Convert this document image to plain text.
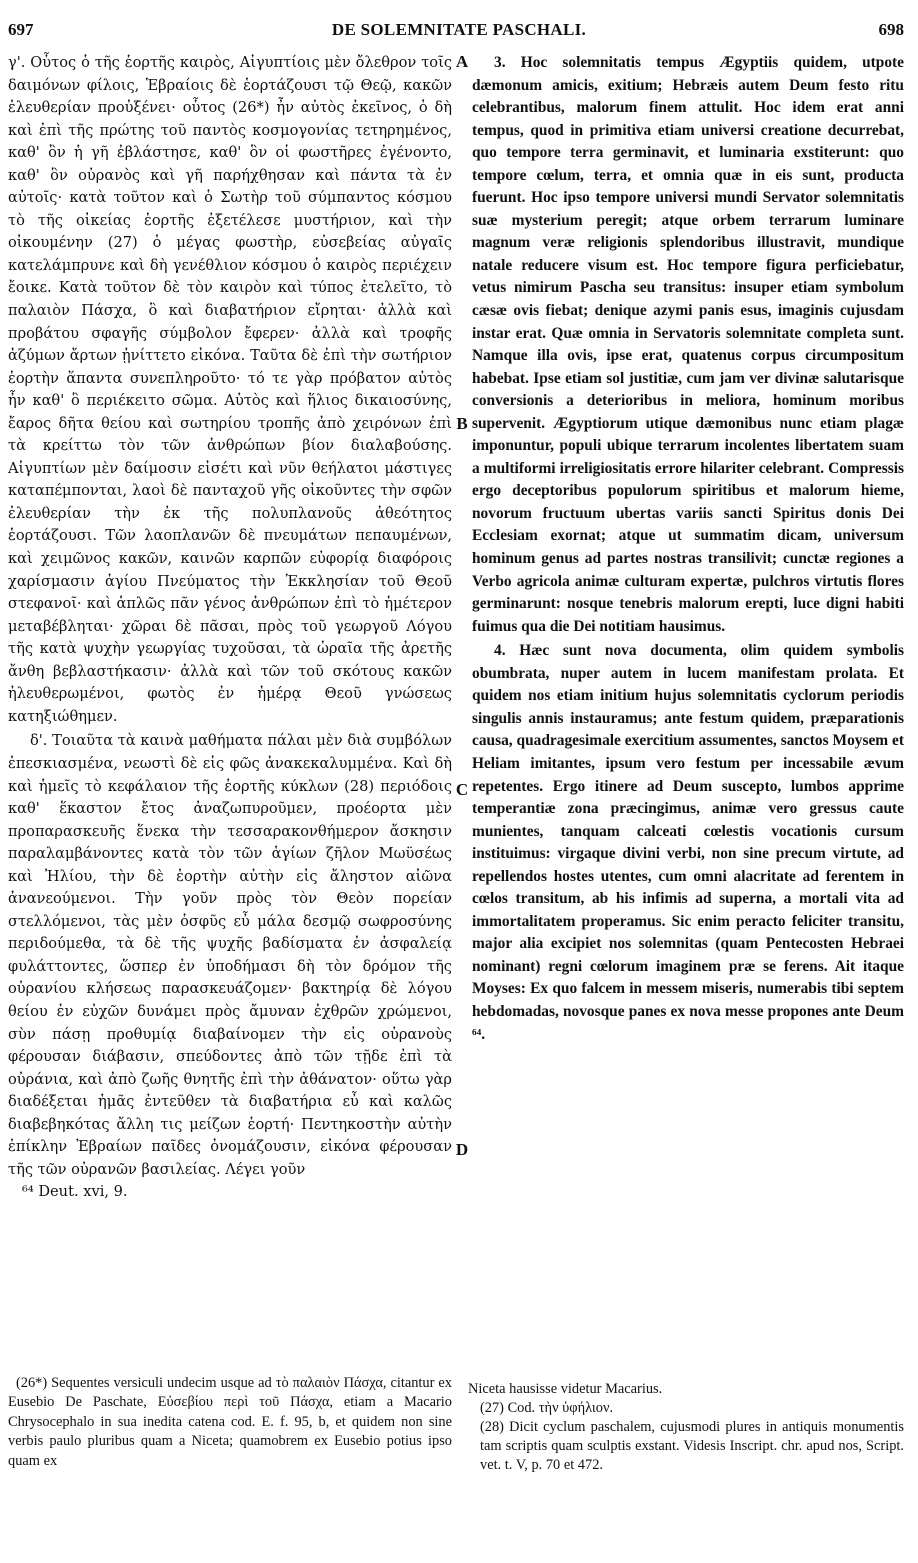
697	DE SOLEMNITATE PASCHALI.	698

γ'. Οὗτος ὁ τῆς ἑορτῆς καιρὸς, Αἰγυπτίοις μὲν ὄλεθρον τοῖς δαιμόνων φίλοις, Ἑβραίοις δὲ ἑορτάζουσι τῷ Θεῷ, κακῶν ἐλευθερίαν προὐξένει· οὗτος (26*) ἦν αὐτὸς ἐκεῖνος, ὁ δὴ καὶ ἐπὶ τῆς πρώτης τοῦ παντὸς κοσμογονίας τετηρημένος, καθ' ὃν ἡ γῆ ἐβλάστησε, καθ' ὃν οἱ φωστῆρες ἐγένοντο, καθ' ὃν οὐρανὸς καὶ γῆ παρήχθησαν καὶ πάντα τὰ ἐν αὐτοῖς· κατὰ τοῦτον καὶ ὁ Σωτὴρ τοῦ σύμπαντος κόσμου τὸ τῆς οἰκείας ἑορτῆς ἐξετέλεσε μυστήριον, καὶ τὴν οἰκουμένην (27) ὁ μέγας φωστὴρ, εὐσεβείας αὐγαῖς κατελάμπρυνε καὶ δὴ γενέθλιον κόσμου ὁ καιρὸς περιέχειν ἔοικε. Κατὰ τοῦτον δὲ τὸν καιρὸν καὶ τύπος ἐτελεῖτο, τὸ παλαιὸν Πάσχα, ὃ καὶ διαβατήριον εἴρηται· ἀλλὰ καὶ προβάτου σφαγῆς σύμβολον ἔφερεν· ἀλλὰ καὶ τροφῆς ἀζύμων ἄρτων ᾐνίττετο εἰκόνα. Ταῦτα δὲ ἐπὶ τὴν σωτήριον ἑορτὴν ἅπαντα συνεπληροῦτο· τό τε γὰρ πρόβατον αὐτὸς ἦν καθ' ὃ περιέκειτο σῶμα. Αὐτὸς καὶ ἥλιος δικαιοσύνης, ἔαρος δῆτα θείου καὶ σωτηρίου τροπῆς ἀπὸ χειρόνων ἐπὶ τὰ κρείττω τὸν τῶν ἀνθρώπων βίον διαλαβούσης. Αἰγυπτίων μὲν δαίμοσιν εἰσέτι καὶ νῦν θεήλατοι μάστιγες καταπέμπονται, λαοὶ δὲ πανταχοῦ γῆς οἰκοῦντες τὴν σφῶν ἐλευθερίαν τὴν ἐκ τῆς πολυπλανοῦς ἀθεότητος ἑορτάζουσι. Τῶν λαοπλανῶν δὲ πνευμάτων πεπαυμένων, καὶ χειμῶνος κακῶν, καινῶν καρπῶν εὐφορίᾳ διαφόροις χαρίσμασιν ἁγίου Πνεύματος τὴν Ἐκκλησίαν τοῦ Θεοῦ στεφανοῖ· καὶ ἁπλῶς πᾶν γένος ἀνθρώπων ἐπὶ τὸ ἡμέτερον μεταβέβληται· χῶραι δὲ πᾶσαι, πρὸς τοῦ γεωργοῦ Λόγου τῆς κατὰ ψυχὴν γεωργίας τυχοῦσαι, τὰ ὡραῖα τῆς ἀρετῆς ἄνθη βεβλαστήκασιν· ἀλλὰ καὶ τῶν τοῦ σκότους κακῶν ἠλευθερωμένοι, φωτὸς ἐν ἡμέρᾳ Θεοῦ γνώσεως κατηξιώθημεν.

δ'. Τοιαῦτα τὰ καινὰ μαθήματα πάλαι μὲν διὰ συμβόλων ἐπεσκιασμένα, νεωστὶ δὲ εἰς φῶς ἀνακεκαλυμμένα. Καὶ δὴ καὶ ἡμεῖς τὸ κεφάλαιον τῆς ἑορτῆς κύκλων (28) περιόδοις καθ' ἕκαστον ἔτος ἀναζωπυροῦμεν, προέορτα μὲν προπαρασκευῆς ἕνεκα τὴν τεσσαρακονθήμερον ἄσκησιν παραλαμβάνοντες κατὰ τὸν τῶν ἁγίων ζῆλον Μωϋσέως καὶ Ἠλίου, τὴν δὲ ἑορτὴν αὐτὴν εἰς ἄληστον αἰῶνα ἀνανεούμενοι. Τὴν γοῦν πρὸς τὸν Θεὸν πορείαν στελλόμενοι, τὰς μὲν ὀσφῦς εὖ μάλα δεσμῷ σωφροσύνης περιδούμεθα, τὰ δὲ τῆς ψυχῆς βαδίσματα ἐν ἀσφαλείᾳ φυλάττοντες, ὥσπερ ἐν ὑποδήμασι δὴ τὸν δρόμον τῆς οὐρανίου κλήσεως παρασκευάζομεν· βακτηρίᾳ δὲ λόγου θείου ἐν εὐχῶν δυνάμει πρὸς ἄμυναν ἐχθρῶν χρώμενοι, σὺν πάσῃ προθυμίᾳ διαβαίνομεν τὴν εἰς οὐρανοὺς φέρουσαν διάβασιν, σπεύδοντες ἀπὸ τῶν τῇδε ἐπὶ τὰ οὐράνια, καὶ ἀπὸ ζωῆς θνητῆς ἐπὶ τὴν ἀθάνατον· οὕτω γὰρ διαδέξεται ἡμᾶς ἐντεῦθεν τὰ διαβατήρια εὖ καὶ καλῶς διαβεβηκότας ἄλλη τις μείζων ἑορτή· Πεντηκοστὴν αὐτὴν ἐπίκλην Ἑβραίων παῖδες ὀνομάζουσιν, εἰκόνα φέρουσαν τῆς τῶν οὐρανῶν βασιλείας. Λέγει γοῦν

⁶⁴ Deut. xvi, 9.

A
B
C
D

3. Hoc solemnitatis tempus Ægyptiis quidem, utpote dæmonum amicis, exitium; Hebræis autem Deum festo ritu celebrantibus, malorum finem attulit. Hoc idem erat anni tempus, quod in primitiva etiam universi creatione decurrebat, quo tempore terra germinavit, et luminaria exstiterunt: quo tempore cœlum, terra, et omnia quæ in eis sunt, producta fuerunt. Hoc ipso tempore universi mundi Servator solemnitatis suæ mysterium peregit; atque orbem terrarum luminare magnum veræ religionis splendoribus illustravit, mundique natale reducere visum est. Hoc tempore figura perficiebatur, vetus nimirum Pascha seu transitus: insuper etiam symbolum cæsæ ovis fiebat; denique azymi panis esus, imaginis cujusdam instar erat. Quæ omnia in Servatoris solemnitate completa sunt. Namque illa ovis, ipse erat, quatenus corpus circumpositum habebat. Ipse etiam sol justitiæ, cum jam ver divinæ salutarisque conversionis a deterioribus in meliora, hominum moribus supervenit. Ægyptiorum utique dæmonibus nunc etiam plagæ imponuntur, populi ubique terrarum incolentes libertatem suam a multiformi irreligiositatis errore hilariter celebrant. Compressis ergo deceptoribus populorum spiritibus et malorum hieme, novorum fructuum ubertas variis sancti Spiritus donis Dei Ecclesiam exornat; atque ut summatim dicam, universum hominum genus ad partes nostras transilivit; cunctæ regiones a Verbo agricola animæ culturam expertæ, pulchros virtutis flores germinarunt: nosque tenebris malorum erepti, luce digni habiti fuimus qua die Dei notitiam hausimus.

4. Hæc sunt nova documenta, olim quidem symbolis obumbrata, nuper autem in lucem manifestam prolata. Et quidem nos etiam initium hujus solemnitatis cyclorum periodis singulis annis instauramus; ante festum quidem, præparationis causa, quadragesimale exercitium assumentes, sanctos Moysem et Heliam imitantes, ipsum vero festum per incessabile ævum repetentes. Ergo itinere ad Deum suscepto, lumbos apprime temperantiæ zona præcingimus, animæ vero gressus caute munientes, tanquam calceati cœlestis vocationis cursum instituimus: virgaque divini verbi, non sine precum virtute, ad repellendos hostes utentes, cum omni alacritate ad ferentem in cœlos transitum, ab his infimis ad superna, a mortali vita ad immortalitatem properamus. Sic enim peracto feliciter transitu, major alia excipiet nos solemnitas (quam Pentecosten Hebraei nominant) regni cœlorum imaginem præ se ferens. Ait itaque Moyses: Ex quo falcem in messem miseris, numerabis tibi septem hebdomadas, novosque panes ex nova messe propones ante Deum ⁶⁴.

(26*) Sequentes versiculi undecim usque ad τὸ παλαιὸν Πάσχα, citantur ex Eusebio De Paschate, Εὐσεβίου περὶ τοῦ Πάσχα, etiam a Macario Chrysocephalo in sua inedita catena cod. E. f. 95, b, et quidem non sine verbis paulo pluribus quam a Niceta; quamobrem ex Eusebio potius ipso quam ex

Niceta hausisse videtur Macarius.

(27) Cod. τὴν ὑφήλιον.

(28) Dicit cyclum paschalem, cujusmodi plures in antiquis monumentis tam scriptis quam sculptis exstant. Videsis Inscript. chr. apud nos, Script. vet. t. V, p. 70 et 472.
